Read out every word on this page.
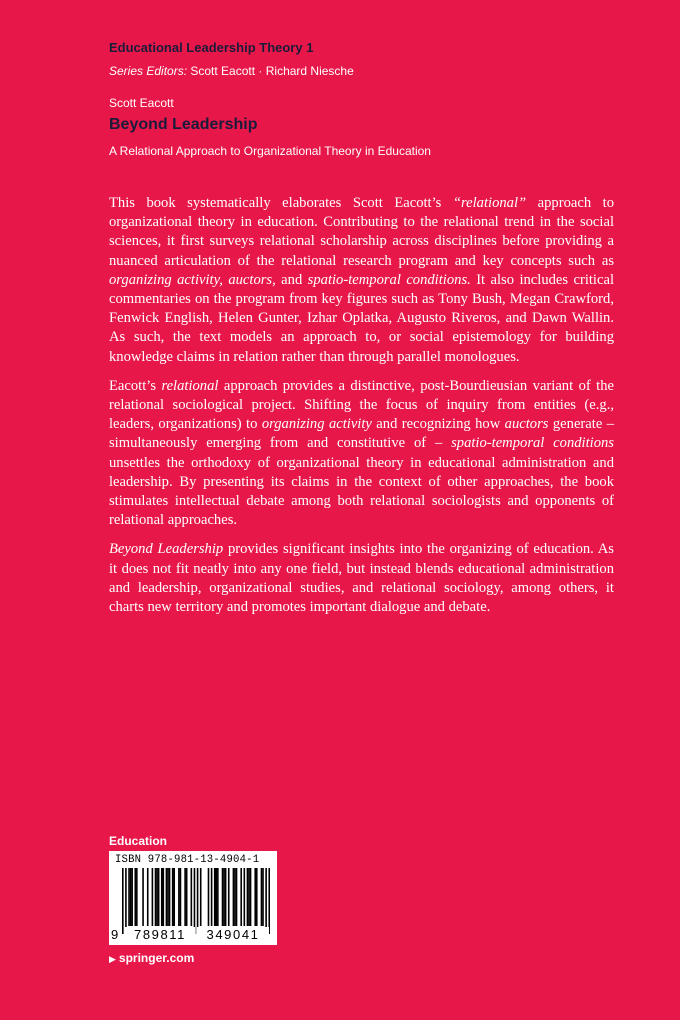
Educational Leadership Theory 1
Series Editors: Scott Eacott · Richard Niesche
Scott Eacott
Beyond Leadership
A Relational Approach to Organizational Theory in Education

This book systematically elaborates Scott Eacott’s “relational” approach to organizational theory in education. Contributing to the relational trend in the social sciences, it first surveys relational scholarship across disciplines before providing a nuanced articulation of the relational research program and key concepts such as organizing activity, auctors, and spatio-temporal conditions. It also includes critical commentaries on the program from key figures such as Tony Bush, Megan Crawford, Fenwick English, Helen Gunter, Izhar Oplatka, Augusto Riveros, and Dawn Wallin. As such, the text models an approach to, or social epistemology for building knowledge claims in relation rather than through parallel monologues.

Eacott’s relational approach provides a distinctive, post-Bourdieusian variant of the relational sociological project. Shifting the focus of inquiry from entities (e.g., leaders, organizations) to organizing activity and recognizing how auctors generate – simultaneously emerging from and constitutive of – spatio-temporal conditions unsettles the orthodoxy of organizational theory in educational administration and leadership. By presenting its claims in the context of other approaches, the book stimulates intellectual debate among both relational sociologists and opponents of relational approaches.

Beyond Leadership provides significant insights into the organizing of education. As it does not fit neatly into any one field, but instead blends educational administration and leadership, organizational studies, and relational sociology, among others, it charts new territory and promotes important dialogue and debate.

Education
ISBN 978-981-13-4904-1
9	789811	349041
▶ springer.com
